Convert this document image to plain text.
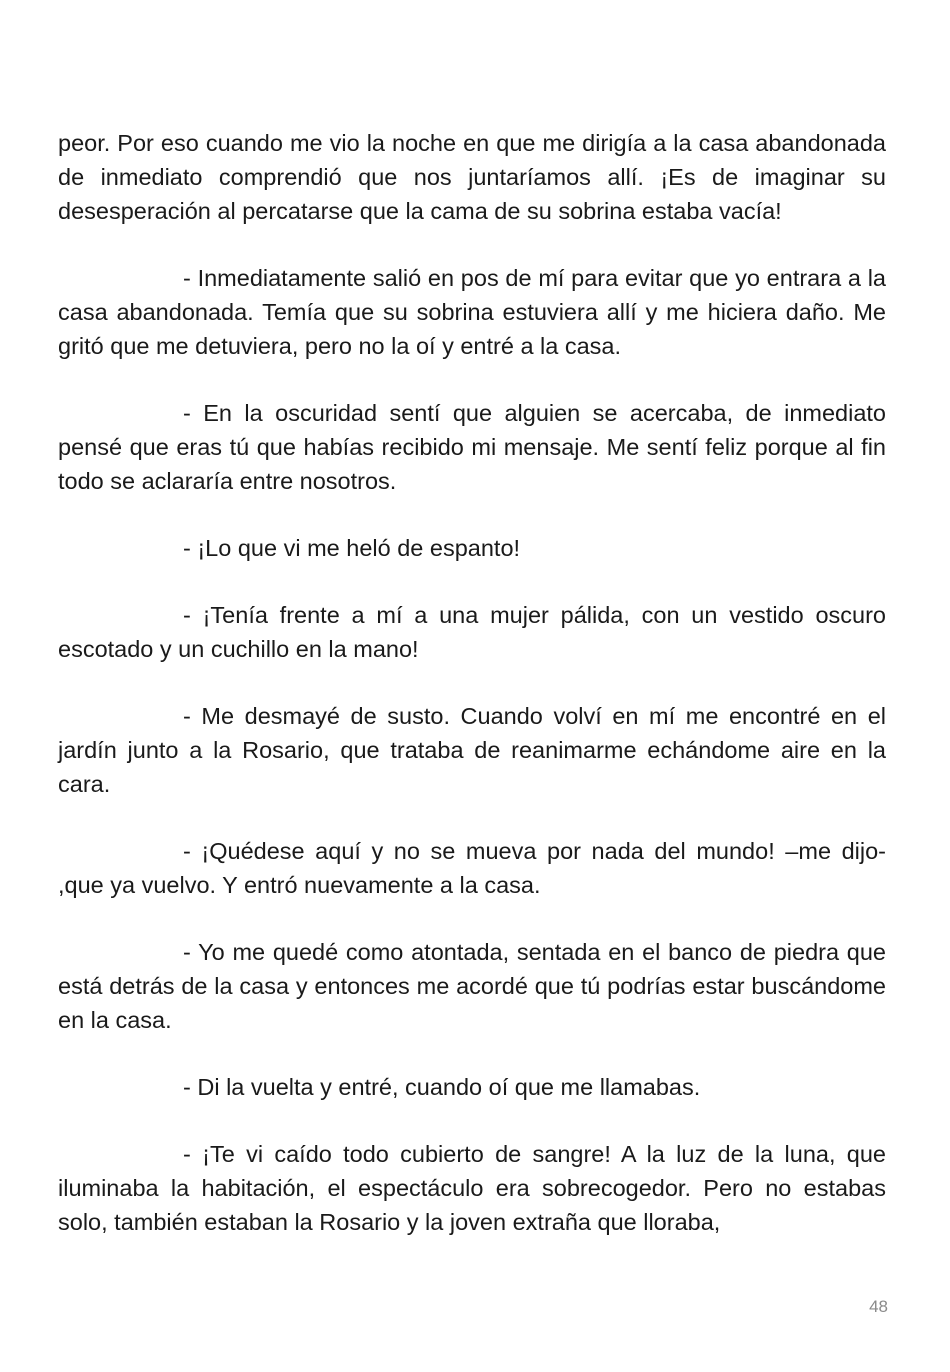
peor. Por eso cuando me vio la noche en que me dirigía a la casa abandonada de inmediato comprendió que nos juntaríamos allí. ¡Es de imaginar su desesperación al percatarse que la cama de su sobrina estaba vacía!

- Inmediatamente salió en pos de mí para evitar que yo entrara a la casa abandonada. Temía que su sobrina estuviera allí y me hiciera daño. Me gritó que me detuviera, pero no la oí y entré a la casa.

- En la oscuridad sentí que alguien se acercaba, de inmediato pensé que eras tú que habías recibido mi mensaje. Me sentí feliz porque al fin todo se aclararía entre nosotros.

- ¡Lo que vi me heló de espanto!

- ¡Tenía frente a mí a una mujer pálida, con un vestido oscuro escotado y un cuchillo en la mano!

- Me desmayé de susto. Cuando volví en mí me encontré en el jardín junto a la Rosario, que trataba de reanimarme echándome aire en la cara.

- ¡Quédese aquí y no se mueva por nada del mundo! –me dijo- ,que ya vuelvo. Y entró nuevamente a la casa.

- Yo me quedé como atontada, sentada en el banco de piedra que está detrás de la casa y entonces me acordé que tú podrías estar buscándome en la casa.

- Di la vuelta y entré, cuando oí que me llamabas.

- ¡Te vi caído todo cubierto de sangre! A la luz de la luna, que iluminaba la habitación, el espectáculo era sobrecogedor. Pero no estabas solo, también estaban la Rosario y la joven extraña que lloraba,

48
